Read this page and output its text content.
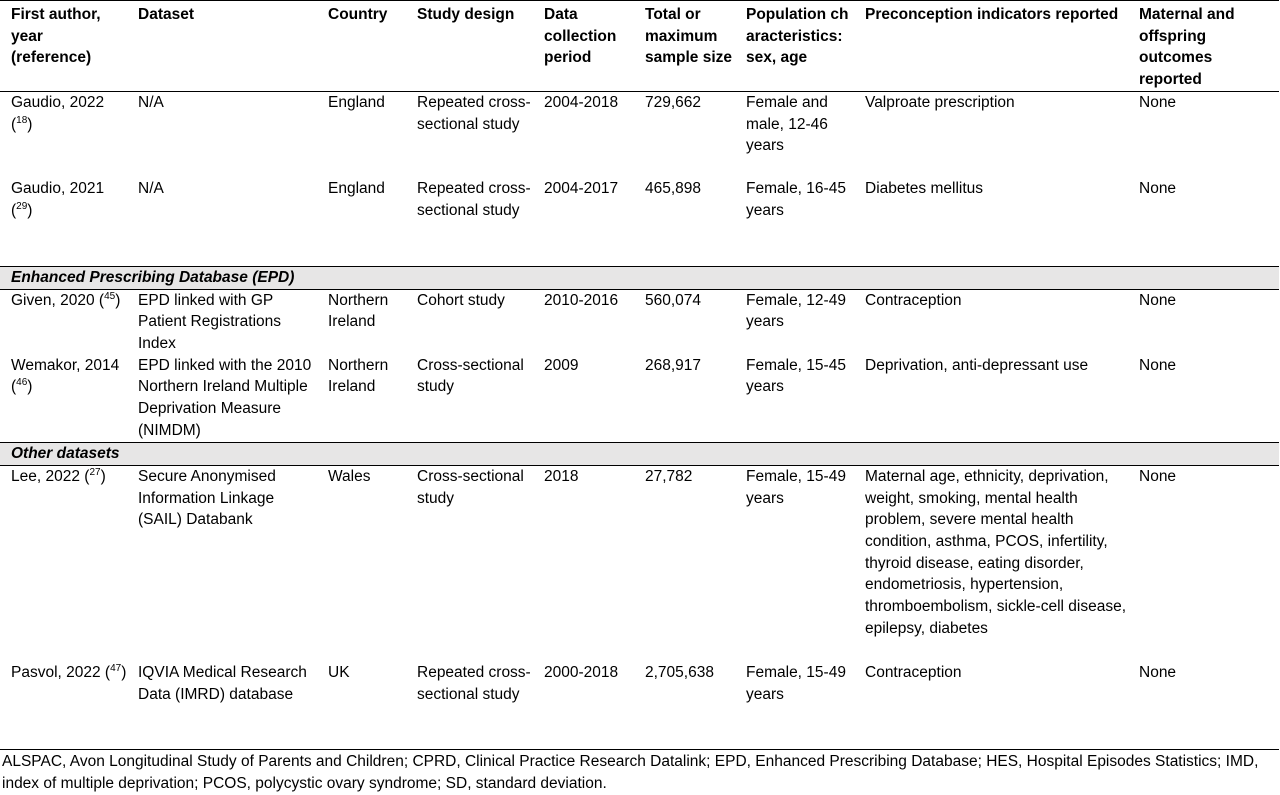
First author, year (reference)	Dataset	Country	Study design	Data collection period	Total or maximum sample size	Population characteristics: sex, age	Preconception indicators reported	Maternal and offspring outcomes reported
Gaudio, 2022 ($^{18}$)	N/A	England	Repeated cross-sectional study	2004-2018	729,662	Female and male, 12-46 years	Valproate prescription	None
Gaudio, 2021 ($^{29}$)	N/A	England	Repeated cross-sectional study	2004-2017	465,898	Female, 16-45 years	Diabetes mellitus	None
Enhanced Prescribing Database (EPD)								
Given, 2020 ($^{45}$)	EPD linked with GP Patient Registrations Index	Northern Ireland	Cohort study	2010-2016	560,074	Female, 12-49 years	Contraception	None
Wemakor, 2014 ($^{46}$)	EPD linked with the 2010 Northern Ireland Multiple Deprivation Measure (NIMDM)	Northern Ireland	Cross-sectional study	2009	268,917	Female, 15-45 years	Deprivation, anti-depressant use	None
Other datasets								
Lee, 2022 ($^{27}$)	Secure Anonymised Information Linkage (SAIL) Databank	Wales	Cross-sectional study	2018	27,782	Female, 15-49 years	Maternal age, ethnicity, deprivation, weight, smoking, mental health problem, severe mental health condition, asthma, PCOS, infertility, thyroid disease, eating disorder, endometriosis, hypertension, thromboembolism, sickle-cell disease, epilepsy, diabetes	None
Pasvol, 2022 ($^{47}$)	IQVIA Medical Research Data (IMRD) database	UK	Repeated cross-sectional study	2000-2018	2,705,638	Female, 15-49 years	Contraception	None
ALSPAC, Avon Longitudinal Study of Parents and Children; CPRD, Clinical Practice Research Datalink; EPD, Enhanced Prescribing Database; HES, Hospital Episodes Statistics; IMD, index of multiple deprivation; PCOS, polycystic ovary syndrome; SD, standard deviation.
